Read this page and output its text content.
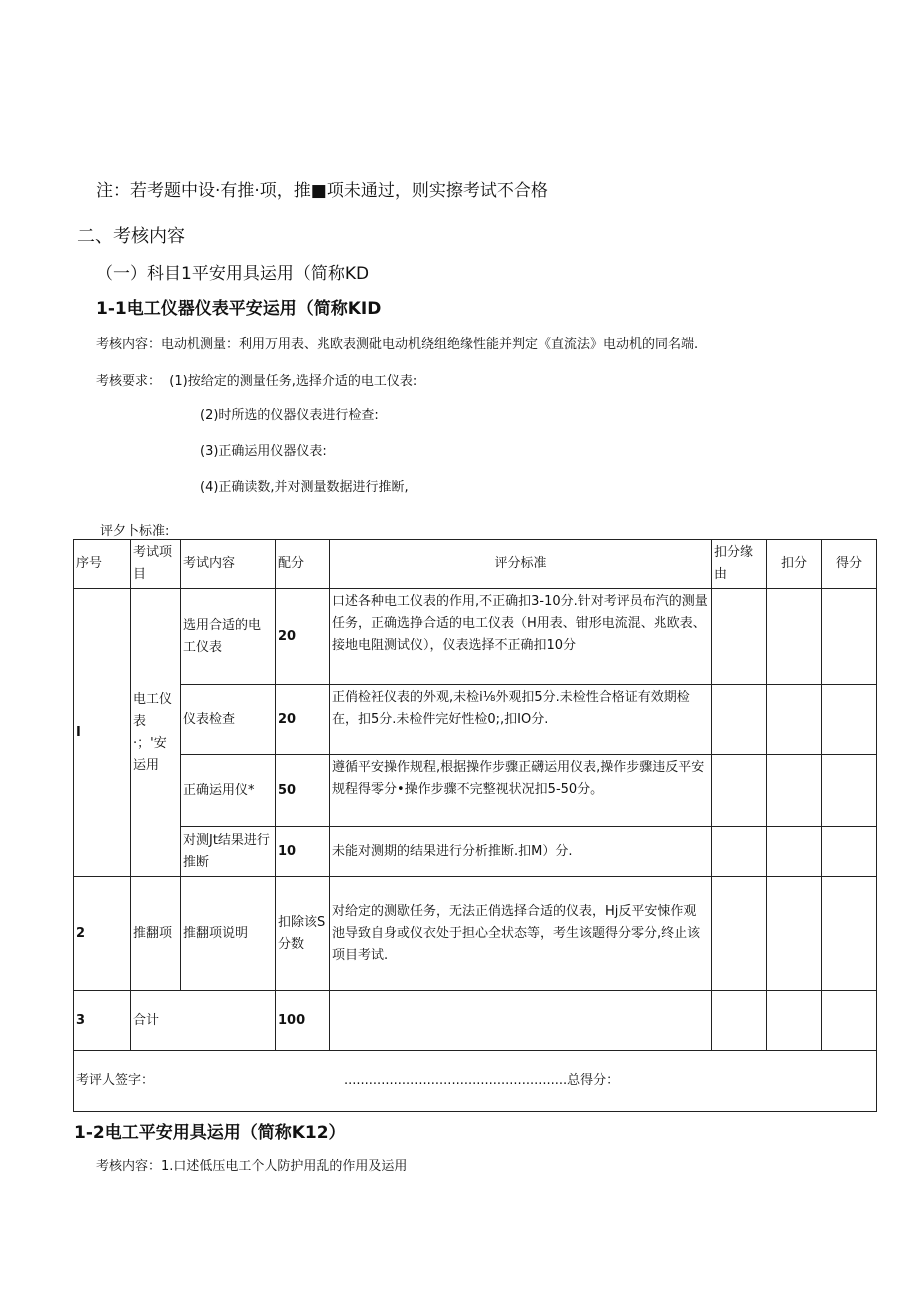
注：若考题中设·有推·项，推■项未通过，则实擦考试不合格
二、考核内容
（一）科目1平安用具运用（简称KD
1-1电工仪器仪表平安运用（简称KID
考核内容：电动机测量：利用万用表、兆欧表测砒电动机绕组绝缘性能并判定《直流法》电动机的同名端.
考核要求： (1)按给定的测量任务,选择介适的电工仪表:
(2)时所选的仪器仪表进行检查:
(3)正确运用仪器仪表:
(4)正确读数,并对测量数据进行推断,
评夕卜标准:
序号	考试项目	考试内容	配分	评分标准	扣分缘由	扣分	得分
I	电工仪表·；'安运用	选用合适的电工仪表	20	口述各种电工仪表的作用,不正确扣3-10分.针对考评员布汽的测量任务，正确选挣合适的电工仪表（H用表、钳形电流混、兆欧表、接地电阻测试仪），仪表选择不正确扣10分			
		仪表检查	20	正俏检衽仪表的外观,未检i⅛外观扣5分.未检性合格证有效期检在，扣5分.未检件完好性检0;,扣IO分.			
		正确运用仪*	50	遵循平安操作规程,根据操作步骤正礴运用仪表,操作步骤违反平安规程得零分•操作步骤不完整视状况扣5-50分。			
		对测Jt结果进行推断	10	未能对测期的结果进行分析推断.扣M）分.			
2	推翻项	推翻项说明	扣除该S分数	对给定的测歇任务，无法正俏选择合适的仪表，Hj反平安悚作观池导致自身或仪衣处于担心全状态等，考生该题得分零分,终止该项目考试.			
3	合计		100				
考评人签字： ......................................................总得分：							
1-2电工平安用具运用（简称K12）
考核内容：1.口述低压电工个人防护用乱的作用及运用
